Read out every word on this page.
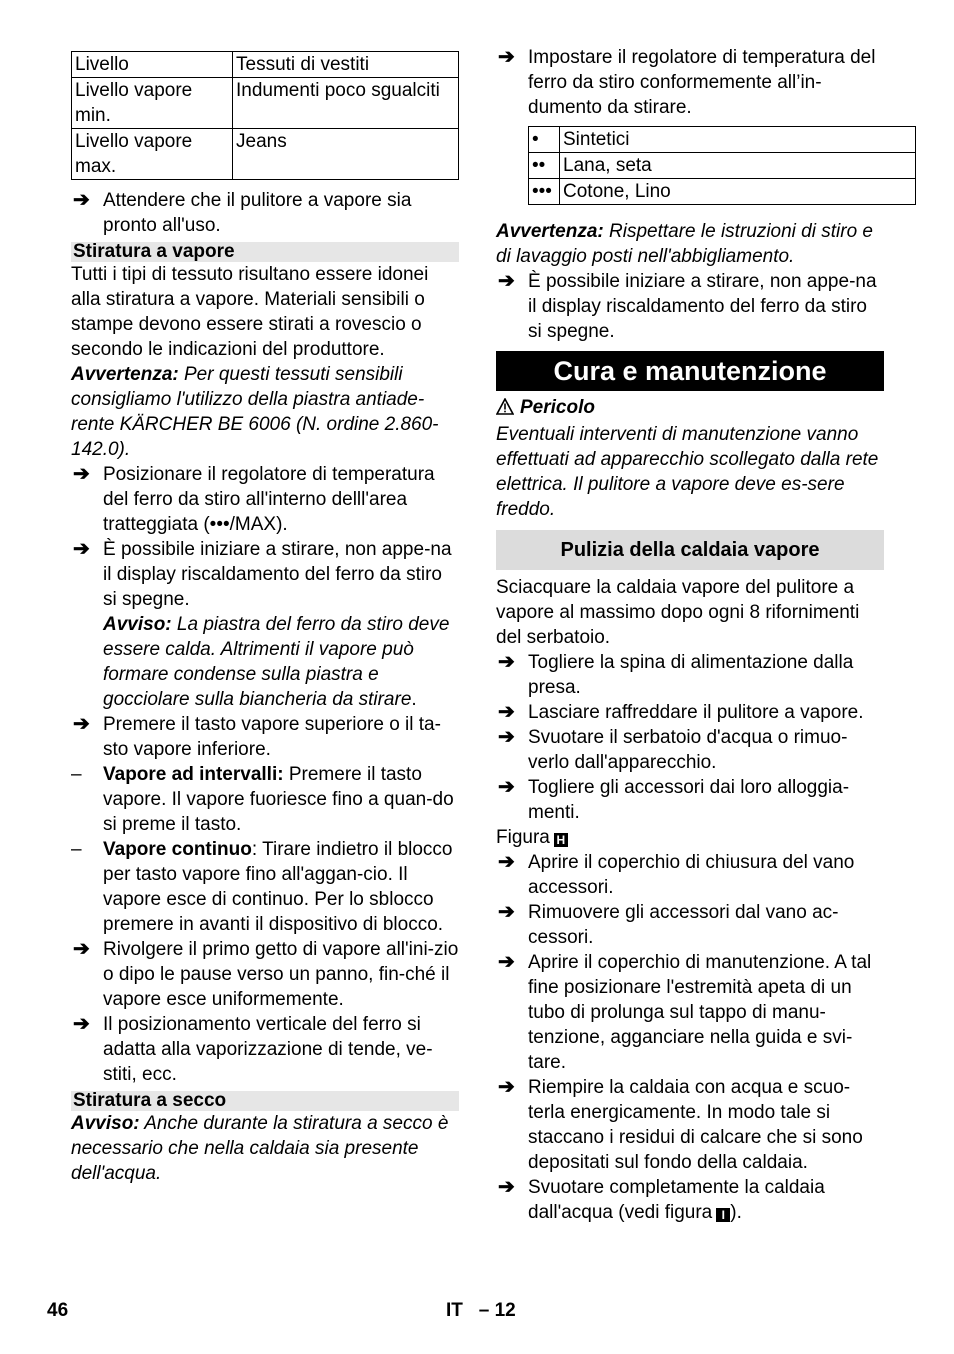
Livello	Tessuti di vestiti
Livello vapore min.	Indumenti poco sgualciti
Livello vapore max.	Jeans
➔ Attendere che il pulitore a vapore sia pronto all'uso.
Stiratura a vapore

Tutti i tipi di tessuto risultano essere idonei alla stiratura a vapore. Materiali sensibili o stampe devono essere stirati a rovescio o secondo le indicazioni del produttore.

Avvertenza: Per questi tessuti sensibili consigliamo l'utilizzo della piastra antiade-rente KÄRCHER BE 6006 (N. ordine 2.860-142.0).

➔ Posizionare il regolatore di temperatura del ferro da stiro all'interno delll'area tratteggiata (•••/MAX).
➔ È possibile iniziare a stirare, non appe-na il display riscaldamento del ferro da stiro si spegne.

Avviso: La piastra del ferro da stiro deve essere calda. Altrimenti il vapore può formare condense sulla piastra e gocciolare sulla biancheria da stirare.

➔ Premere il tasto vapore superiore o il ta-sto vapore inferiore.
– Vapore ad intervalli: Premere il tasto vapore. Il vapore fuoriesce fino a quan-do si preme il tasto.
– Vapore continuo: Tirare indietro il blocco per tasto vapore fino all'aggan-cio. Il vapore esce di continuo. Per lo sblocco premere in avanti il dispositivo di blocco.
➔ Rivolgere il primo getto di vapore all'ini-zio o dipo le pause verso un panno, fin-ché il vapore esce uniformemente.
➔ Il posizionamento verticale del ferro si adatta alla vaporizzazione di tende, ve-stiti, ecc.
Stiratura a secco

Avviso: Anche durante la stiratura a secco è necessario che nella caldaia sia presente dell'acqua.

➔ Impostare il regolatore di temperatura del ferro da stiro conformemente all’in-dumento da stirare.
•	Sintetici
••	Lana, seta
•••	Cotone, Lino

Avvertenza: Rispettare le istruzioni di stiro e di lavaggio posti nell'abbigliamento.

➔ È possibile iniziare a stirare, non appe-na il display riscaldamento del ferro da stiro si spegne.
Cura e manutenzione

Pericolo

Eventuali interventi di manutenzione vanno effettuati ad apparecchio scollegato dalla rete elettrica. Il pulitore a vapore deve es-sere freddo.

Pulizia della caldaia vapore

Sciacquare la caldaia vapore del pulitore a vapore al massimo dopo ogni 8 rifornimenti del serbatoio.

➔ Togliere la spina di alimentazione dalla presa.
➔ Lasciare raffreddare il pulitore a vapore.
➔ Svuotare il serbatoio d'acqua o rimuo-verlo dall'apparecchio.
➔ Togliere gli accessori dai loro alloggia-menti.

Figura H

➔ Aprire il coperchio di chiusura del vano accessori.
➔ Rimuovere gli accessori dal vano ac-cessori.
➔ Aprire il coperchio di manutenzione. A tal fine posizionare l'estremità apeta di un tubo di prolunga sul tappo di manu-tenzione, agganciare nella guida e svi-tare.
➔ Riempire la caldaia con acqua e scuo-terla energicamente. In modo tale si staccano i residui di calcare che si sono depositati sul fondo della caldaia.
➔ Svuotare completamente la caldaia dall'acqua (vedi figura I ).
46	IT   – 12
